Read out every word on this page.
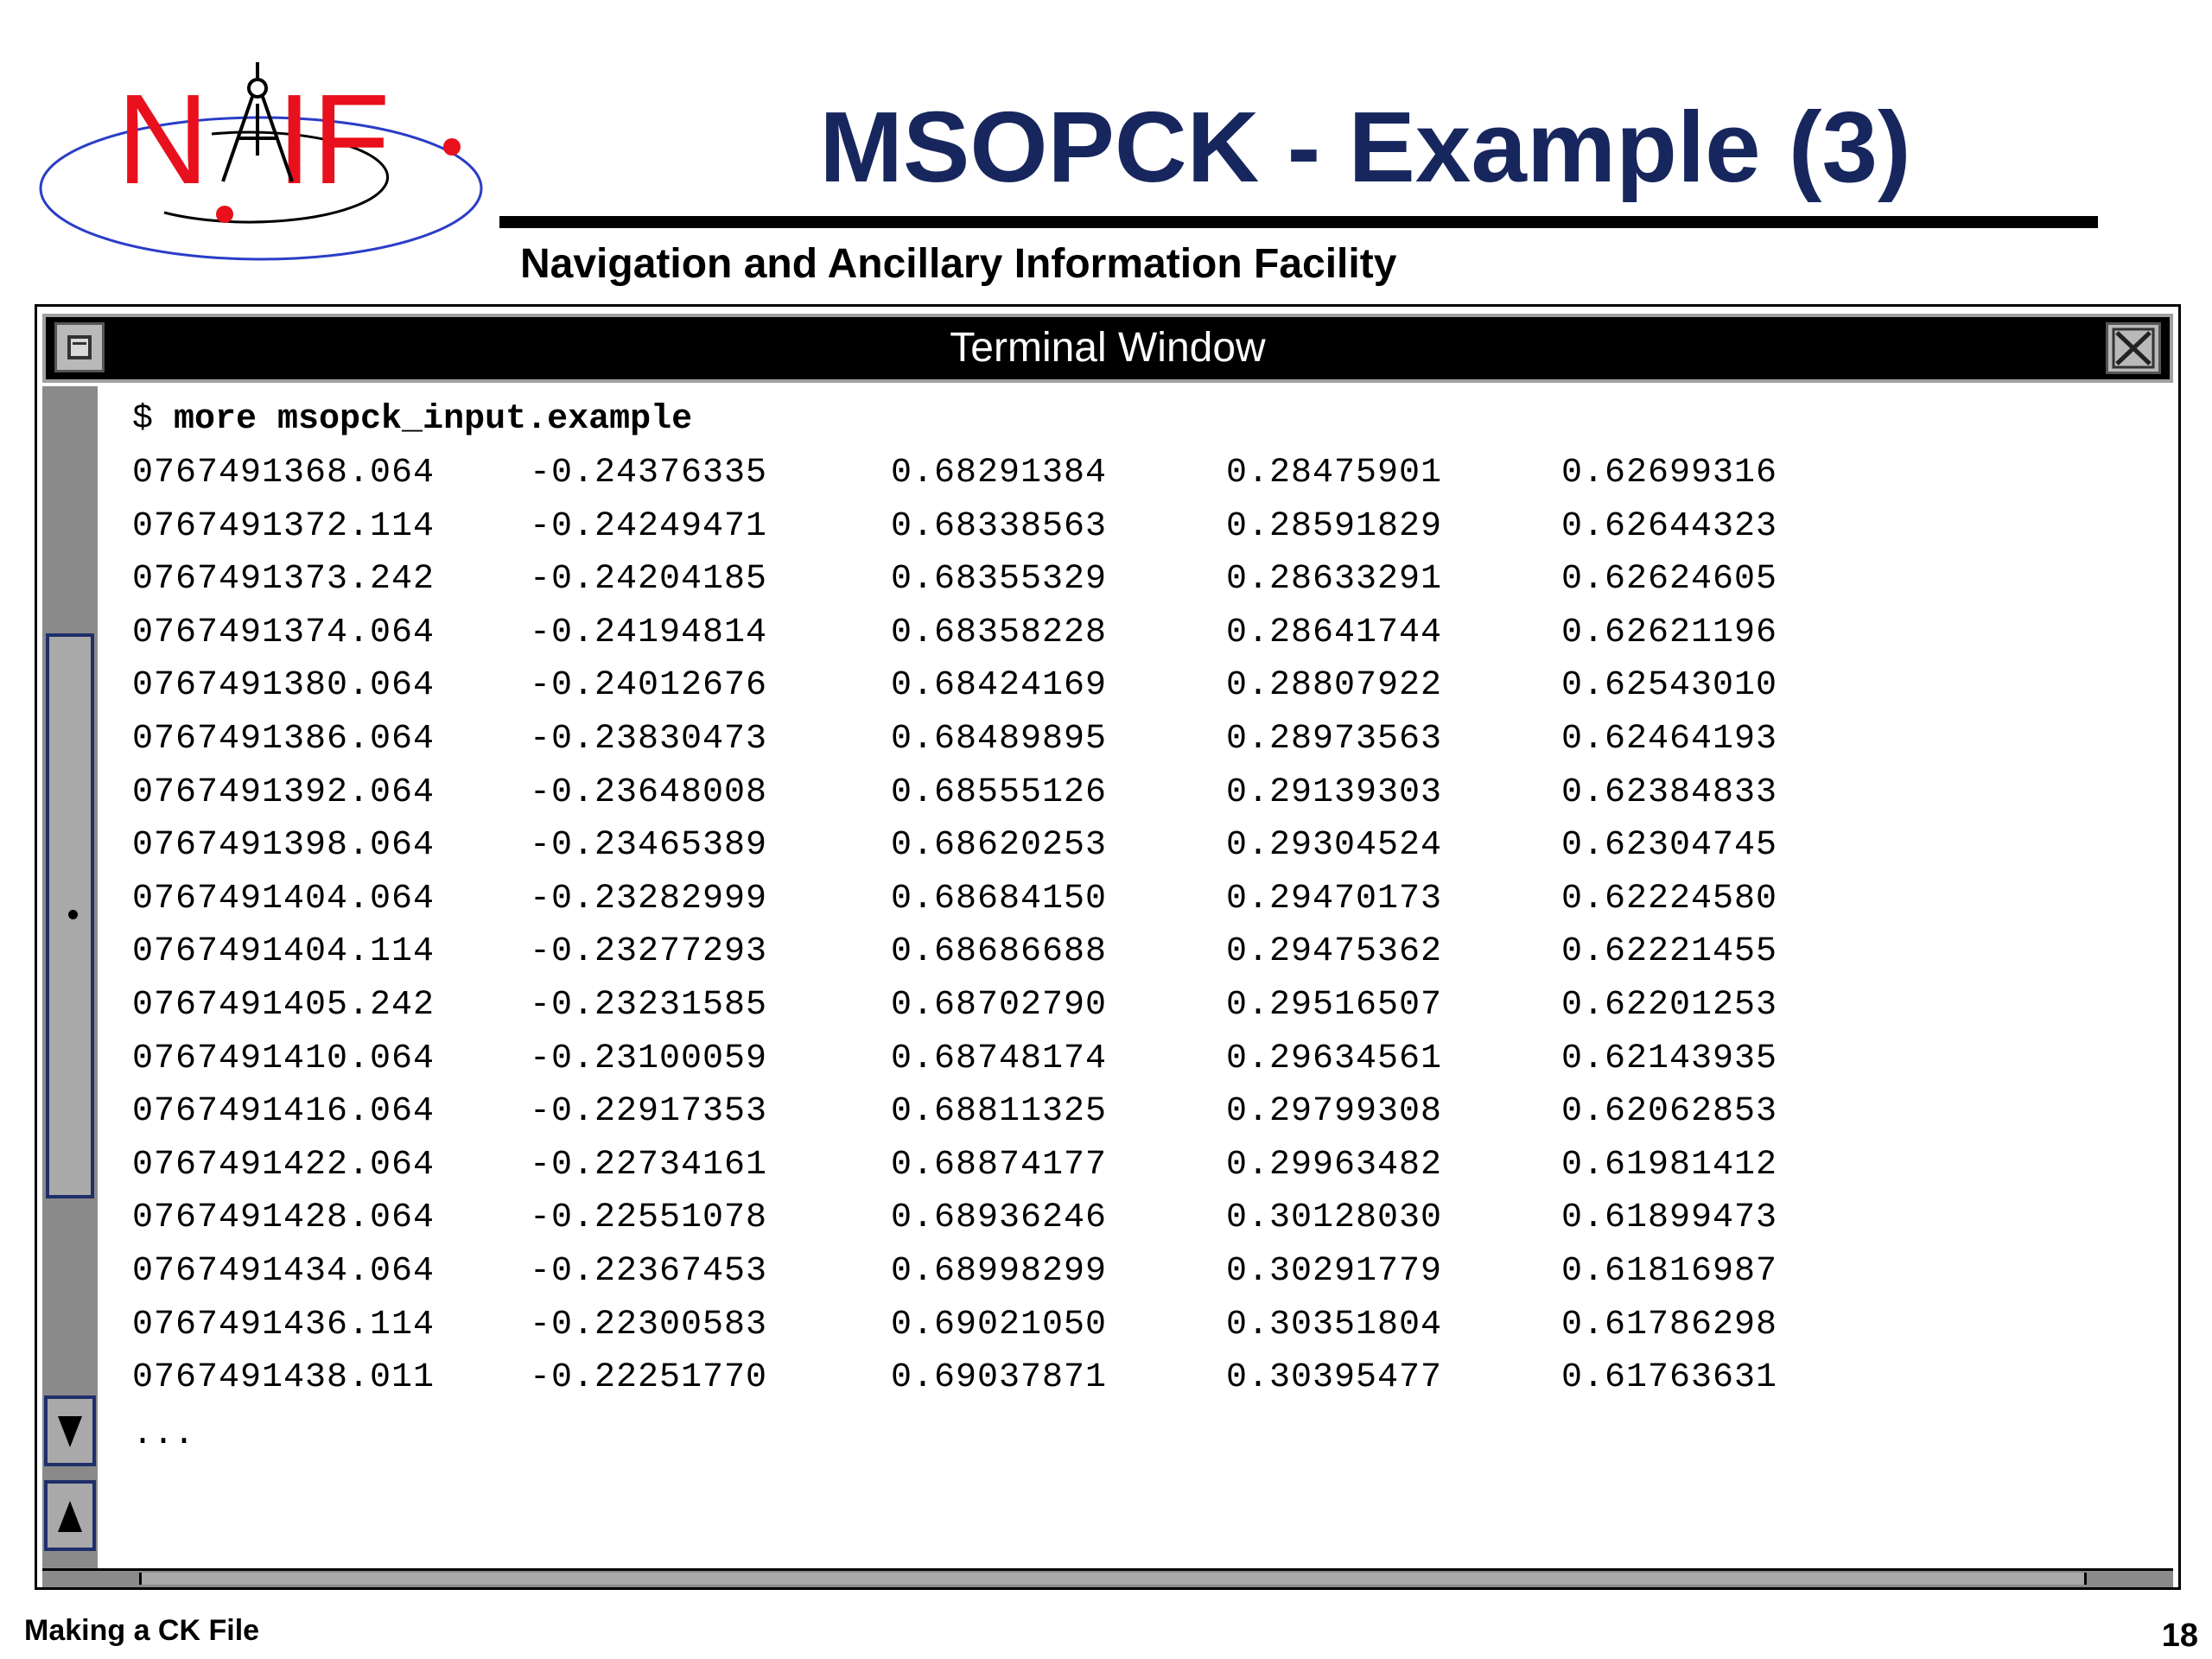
N IF	MSOPCK - Example (3)
Navigation and Ancillary Information Facility
Terminal Window
$ more msopck_input.example
0767491368.064	-0.24376335	0.68291384	0.28475901	0.62699316
0767491372.114	-0.24249471	0.68338563	0.28591829	0.62644323
0767491373.242	-0.24204185	0.68355329	0.28633291	0.62624605
0767491374.064	-0.24194814	0.68358228	0.28641744	0.62621196
0767491380.064	-0.24012676	0.68424169	0.28807922	0.62543010
0767491386.064	-0.23830473	0.68489895	0.28973563	0.62464193
0767491392.064	-0.23648008	0.68555126	0.29139303	0.62384833
0767491398.064	-0.23465389	0.68620253	0.29304524	0.62304745
0767491404.064	-0.23282999	0.68684150	0.29470173	0.62224580
0767491404.114	-0.23277293	0.68686688	0.29475362	0.62221455
0767491405.242	-0.23231585	0.68702790	0.29516507	0.62201253
0767491410.064	-0.23100059	0.68748174	0.29634561	0.62143935
0767491416.064	-0.22917353	0.68811325	0.29799308	0.62062853
0767491422.064	-0.22734161	0.68874177	0.29963482	0.61981412
0767491428.064	-0.22551078	0.68936246	0.30128030	0.61899473
0767491434.064	-0.22367453	0.68998299	0.30291779	0.61816987
0767491436.114	-0.22300583	0.69021050	0.30351804	0.61786298
0767491438.011	-0.22251770	0.69037871	0.30395477	0.61763631
...
Making a CK File	18
